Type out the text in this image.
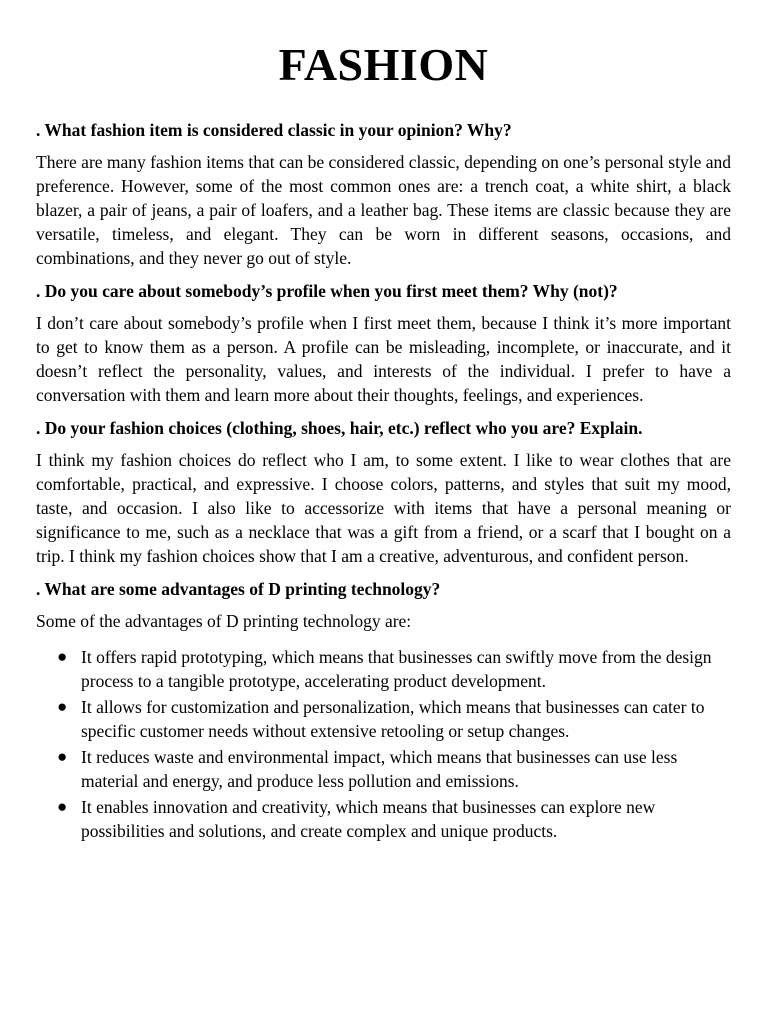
FASHION

. What fashion item is considered classic in your opinion? Why?

There are many fashion items that can be considered classic, depending on one’s personal style and preference. However, some of the most common ones are: a trench coat, a white shirt, a black blazer, a pair of jeans, a pair of loafers, and a leather bag. These items are classic because they are versatile, timeless, and elegant. They can be worn in different seasons, occasions, and combinations, and they never go out of style.

. Do you care about somebody’s profile when you first meet them? Why (not)?

I don’t care about somebody’s profile when I first meet them, because I think it’s more important to get to know them as a person. A profile can be misleading, incomplete, or inaccurate, and it doesn’t reflect the personality, values, and interests of the individual. I prefer to have a conversation with them and learn more about their thoughts, feelings, and experiences.

. Do your fashion choices (clothing, shoes, hair, etc.) reflect who you are? Explain.

I think my fashion choices do reflect who I am, to some extent. I like to wear clothes that are comfortable, practical, and expressive. I choose colors, patterns, and styles that suit my mood, taste, and occasion. I also like to accessorize with items that have a personal meaning or significance to me, such as a necklace that was a gift from a friend, or a scarf that I bought on a trip. I think my fashion choices show that I am a creative, adventurous, and confident person.

. What are some advantages of D printing technology?

Some of the advantages of D printing technology are:

● It offers rapid prototyping, which means that businesses can swiftly move from the design process to a tangible prototype, accelerating product development.
● It allows for customization and personalization, which means that businesses can cater to specific customer needs without extensive retooling or setup changes.
● It reduces waste and environmental impact, which means that businesses can use less material and energy, and produce less pollution and emissions.
● It enables innovation and creativity, which means that businesses can explore new possibilities and solutions, and create complex and unique products.
